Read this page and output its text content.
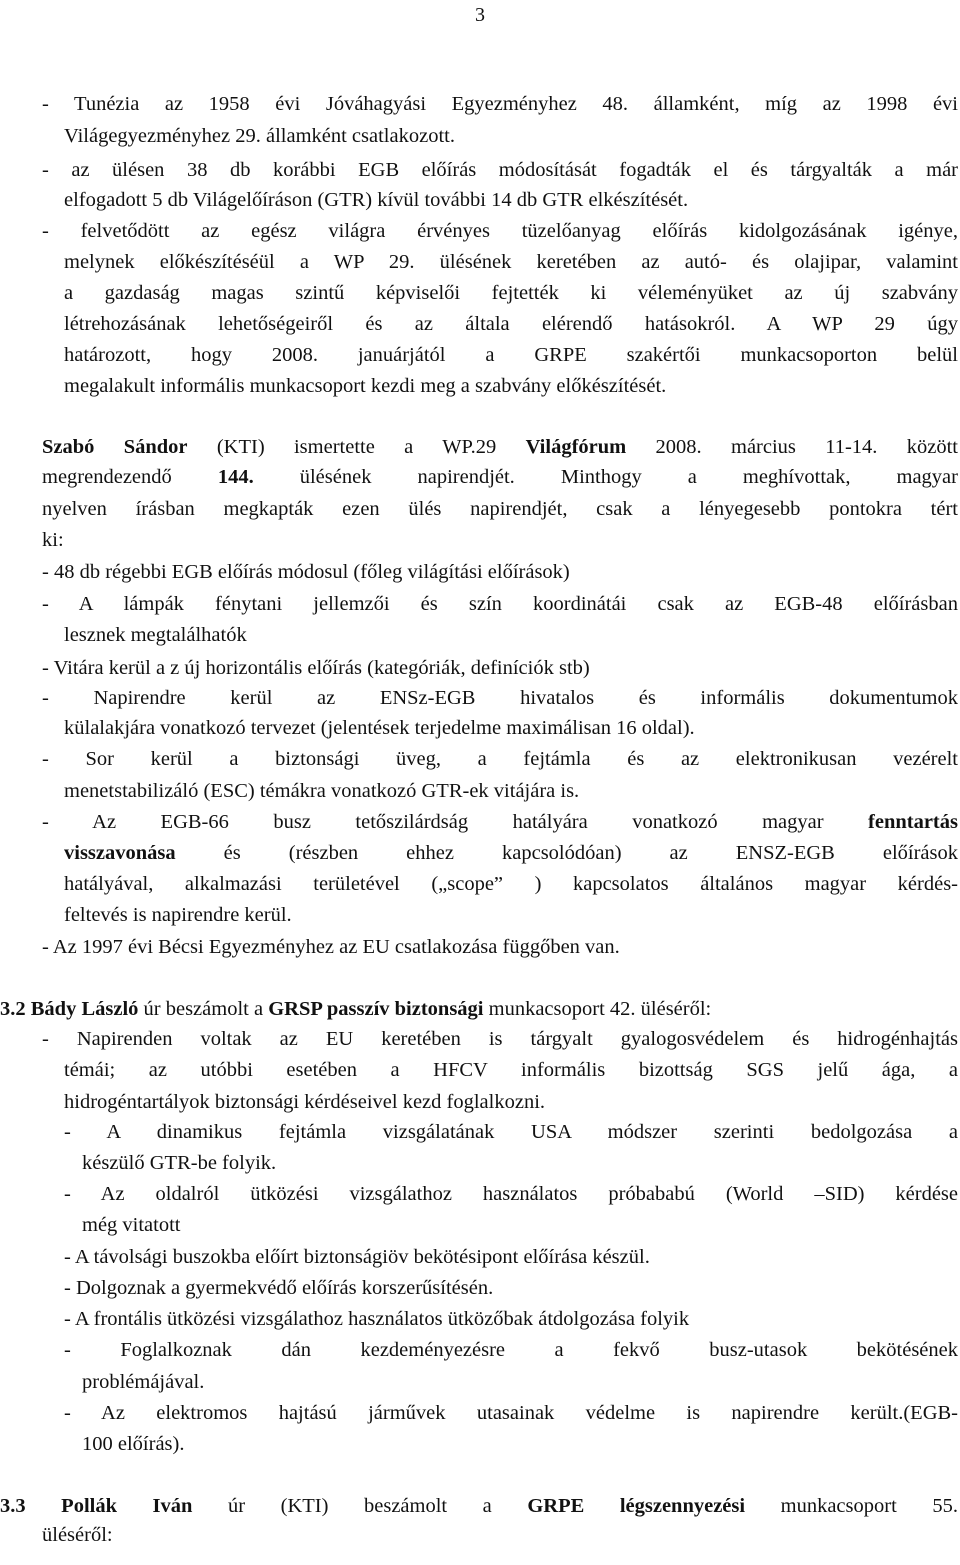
3
- Tunézia az 1958 évi Jóváhagyási Egyezményhez 48. államként, míg az 1998 évi
Világegyezményhez 29. államként csatlakozott.
- az ülésen 38 db korábbi EGB előírás módosítását fogadták el és tárgyalták a már
elfogadott 5 db Világelőíráson (GTR) kívül további 14 db GTR elkészítését.
- felvetődött az egész világra érvényes tüzelőanyag előírás kidolgozásának igénye,
melynek előkészítéséül a WP 29. ülésének keretében az autó- és olajipar, valamint
a gazdaság magas szintű képviselői fejtették ki véleményüket az új szabvány
létrehozásának lehetőségeiről és az általa elérendő hatásokról. A WP 29 úgy
határozott, hogy 2008. januárjától a GRPE szakértői munkacsoporton belül
megalakult informális munkacsoport kezdi meg a szabvány előkészítését.
Szabó Sándor (KTI) ismertette a WP.29 Világfórum 2008. március 11-14. között
megrendezendő 144. ülésének napirendjét. Minthogy a meghívottak, magyar
nyelven írásban megkapták ezen ülés napirendjét, csak a lényegesebb pontokra tért
ki:
- 48 db régebbi EGB előírás módosul (főleg világítási előírások)
- A lámpák fénytani jellemzői és szín koordinátái csak az EGB-48 előírásban
lesznek megtalálhatók
- Vitára kerül a z új horizontális előírás (kategóriák, definíciók stb)
- Napirendre kerül az ENSz-EGB hivatalos és informális dokumentumok
külalakjára vonatkozó tervezet (jelentések terjedelme maximálisan 16 oldal).
- Sor kerül a biztonsági üveg, a fejtámla és az elektronikusan vezérelt
menetstabilizáló (ESC) témákra vonatkozó GTR-ek vitájára is.
- Az EGB-66 busz tetőszilárdság hatályára vonatkozó magyar fenntartás
visszavonása és (részben ehhez kapcsolódóan) az ENSZ-EGB előírások
hatályával, alkalmazási területével („scope” ) kapcsolatos általános magyar kérdés-
feltevés is napirendre kerül.
- Az 1997 évi Bécsi Egyezményhez az EU csatlakozása függőben van.
3.2 Bády László úr beszámolt a GRSP passzív biztonsági munkacsoport 42. üléséről:
- Napirenden voltak az EU keretében is tárgyalt gyalogosvédelem és hidrogénhajtás
témái; az utóbbi esetében a HFCV informális bizottság SGS jelű ága, a
hidrogéntartályok biztonsági kérdéseivel kezd foglalkozni.
- A dinamikus fejtámla vizsgálatának USA módszer szerinti bedolgozása a
készülő GTR-be folyik.
- Az oldalról ütközési vizsgálathoz használatos próbababú (World –SID) kérdése
még vitatott
- A távolsági buszokba előírt biztonságiöv bekötésipont előírása készül.
- Dolgoznak a gyermekvédő előírás korszerűsítésén.
- A frontális ütközési vizsgálathoz használatos ütközőbak átdolgozása folyik
- Foglalkoznak dán kezdeményezésre a fekvő busz-utasok bekötésének
problémájával.
- Az elektromos hajtású járművek utasainak védelme is napirendre került.(EGB-
100 előírás).
3.3 Pollák Iván úr (KTI) beszámolt a GRPE légszennyezési munkacsoport 55.
üléséről:
